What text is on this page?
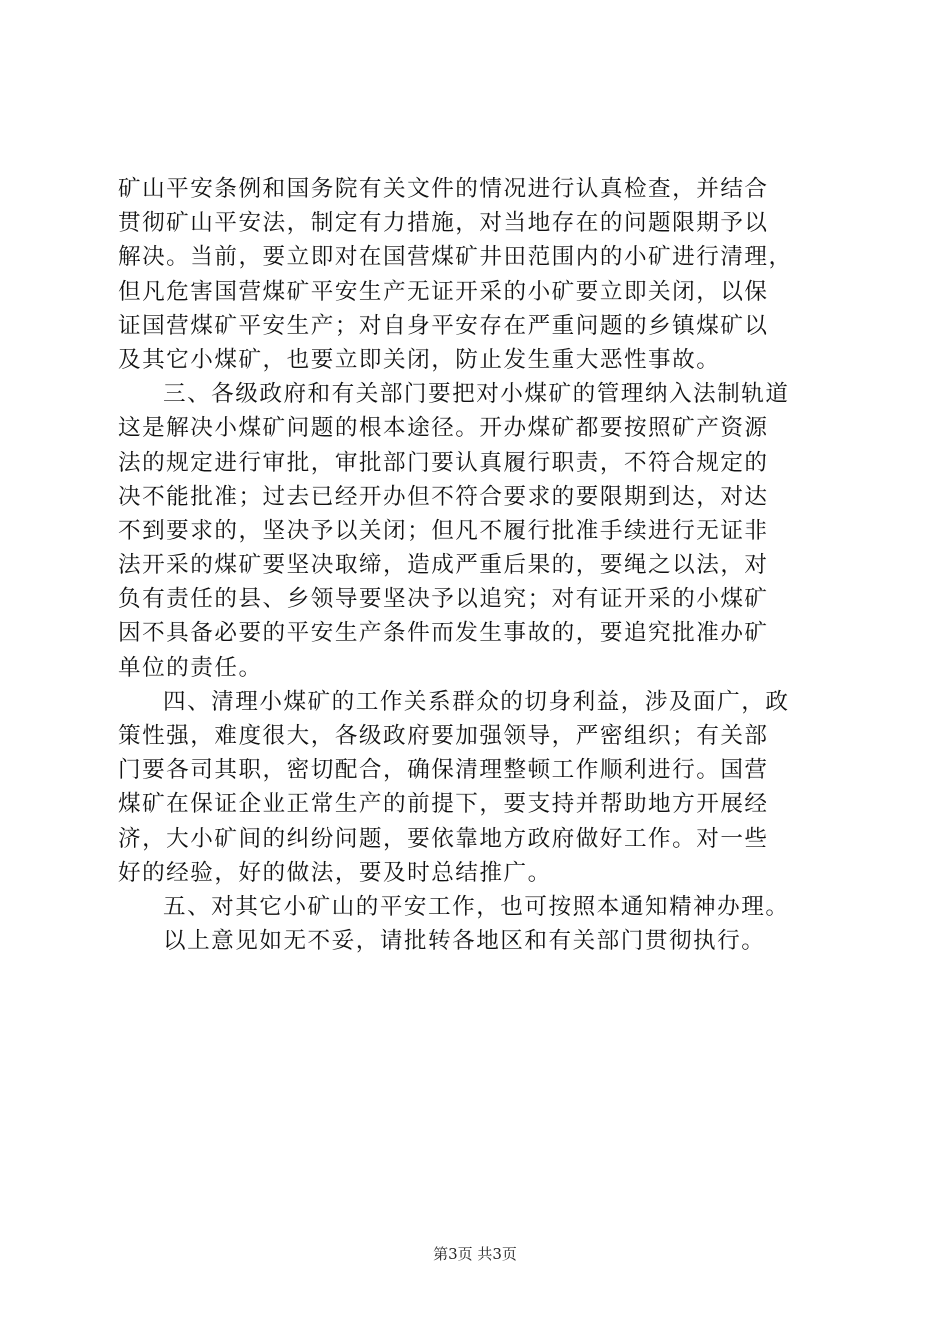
矿山平安条例和国务院有关文件的情况进行认真检查，并结合
贯彻矿山平安法，制定有力措施，对当地存在的问题限期予以
解决。当前，要立即对在国营煤矿井田范围内的小矿进行清理，
但凡危害国营煤矿平安生产无证开采的小矿要立即关闭，以保
证国营煤矿平安生产；对自身平安存在严重问题的乡镇煤矿以
及其它小煤矿，也要立即关闭，防止发生重大恶性事故。
三、各级政府和有关部门要把对小煤矿的管理纳入法制轨道
这是解决小煤矿问题的根本途径。开办煤矿都要按照矿产资源
法的规定进行审批，审批部门要认真履行职责，不符合规定的
决不能批准；过去已经开办但不符合要求的要限期到达，对达
不到要求的，坚决予以关闭；但凡不履行批准手续进行无证非
法开采的煤矿要坚决取缔，造成严重后果的，要绳之以法，对
负有责任的县、乡领导要坚决予以追究；对有证开采的小煤矿
因不具备必要的平安生产条件而发生事故的，要追究批准办矿
单位的责任。
四、清理小煤矿的工作关系群众的切身利益，涉及面广，政
策性强，难度很大，各级政府要加强领导，严密组织；有关部
门要各司其职，密切配合，确保清理整顿工作顺利进行。国营
煤矿在保证企业正常生产的前提下，要支持并帮助地方开展经
济，大小矿间的纠纷问题，要依靠地方政府做好工作。对一些
好的经验，好的做法，要及时总结推广。
五、对其它小矿山的平安工作，也可按照本通知精神办理。
以上意见如无不妥，请批转各地区和有关部门贯彻执行。
第3页 共3页
